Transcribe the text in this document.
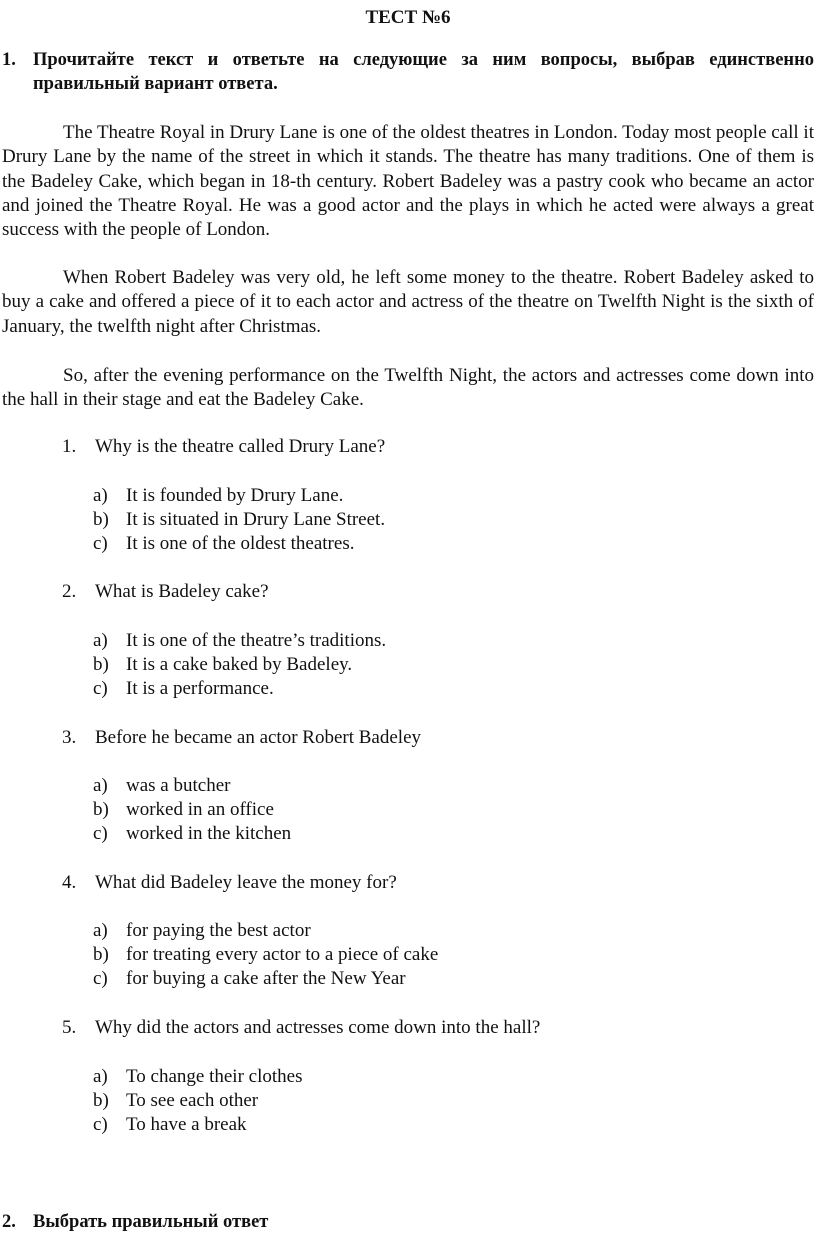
ТЕСТ №6
1. Прочитайте текст и ответьте на следующие за ним вопросы, выбрав единственно правильный вариант ответа.

The Theatre Royal in Drury Lane is one of the oldest theatres in London. Today most people call it Drury Lane by the name of the street in which it stands. The theatre has many traditions. One of them is the Badeley Cake, which began in 18-th century. Robert Badeley was a pastry cook who became an actor and joined the Theatre Royal. He was a good actor and the plays in which he acted were always a great success with the people of London.

When Robert Badeley was very old, he left some money to the theatre. Robert Badeley asked to buy a cake and offered a piece of it to each actor and actress of the theatre on Twelfth Night is the sixth of January, the twelfth night after Christmas.

So, after the evening performance on the Twelfth Night, the actors and actresses come down into the hall in their stage and eat the Badeley Cake.

1. Why is the theatre called Drury Lane?
a) It is founded by Drury Lane.
b) It is situated in Drury Lane Street.
c) It is one of the oldest theatres.
2. What is Badeley cake?
a) It is one of the theatre’s traditions.
b) It is a cake baked by Badeley.
c) It is a performance.
3. Before he became an actor Robert Badeley
a) was a butcher
b) worked in an office
c) worked in the kitchen
4. What did Badeley leave the money for?
a) for paying the best actor
b) for treating every actor to a piece of cake
c) for buying a cake after the New Year
5. Why did the actors and actresses come down into the hall?
a) To change their clothes
b) To see each other
c) To have a break
2. Выбрать правильный ответ
